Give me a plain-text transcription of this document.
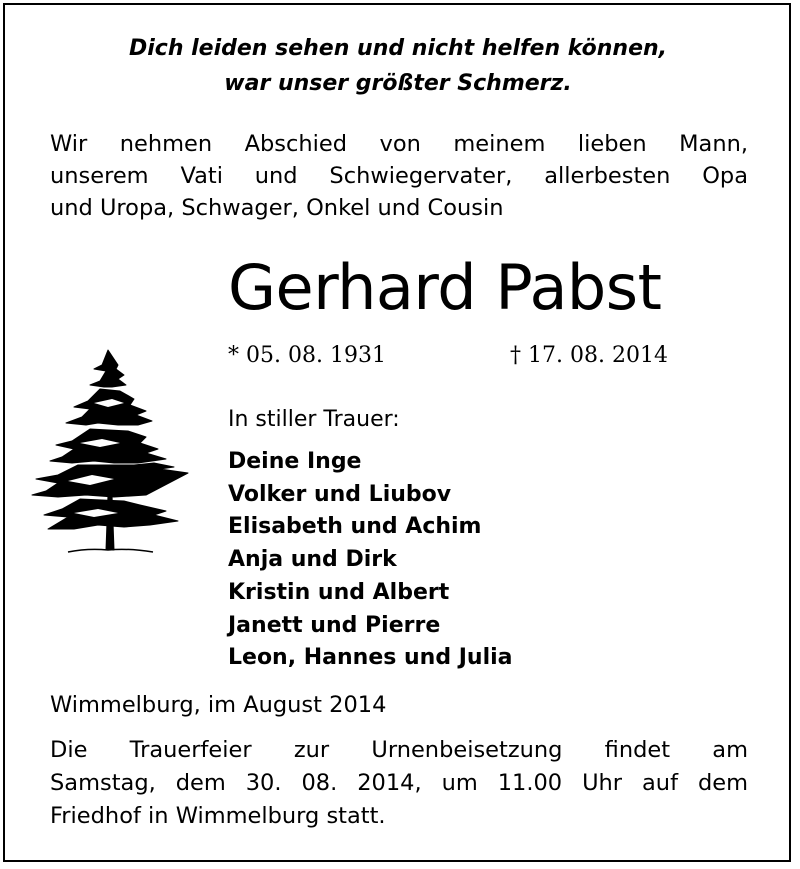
Dich leiden sehen und nicht helfen können,
war unser größter Schmerz.
Wir nehmen Abschied von meinem lieben Mann,
unserem Vati und Schwiegervater, allerbesten Opa
und Uropa, Schwager, Onkel und Cousin
Gerhard Pabst
* 05. 08. 1931	† 17. 08. 2014
In stiller Trauer:
Deine Inge
Volker und Liubov
Elisabeth und Achim
Anja und Dirk
Kristin und Albert
Janett und Pierre
Leon, Hannes und Julia
Wimmelburg, im August 2014
Die Trauerfeier zur Urnenbeisetzung findet am
Samstag, dem 30. 08. 2014, um 11.00 Uhr auf dem
Friedhof in Wimmelburg statt.
